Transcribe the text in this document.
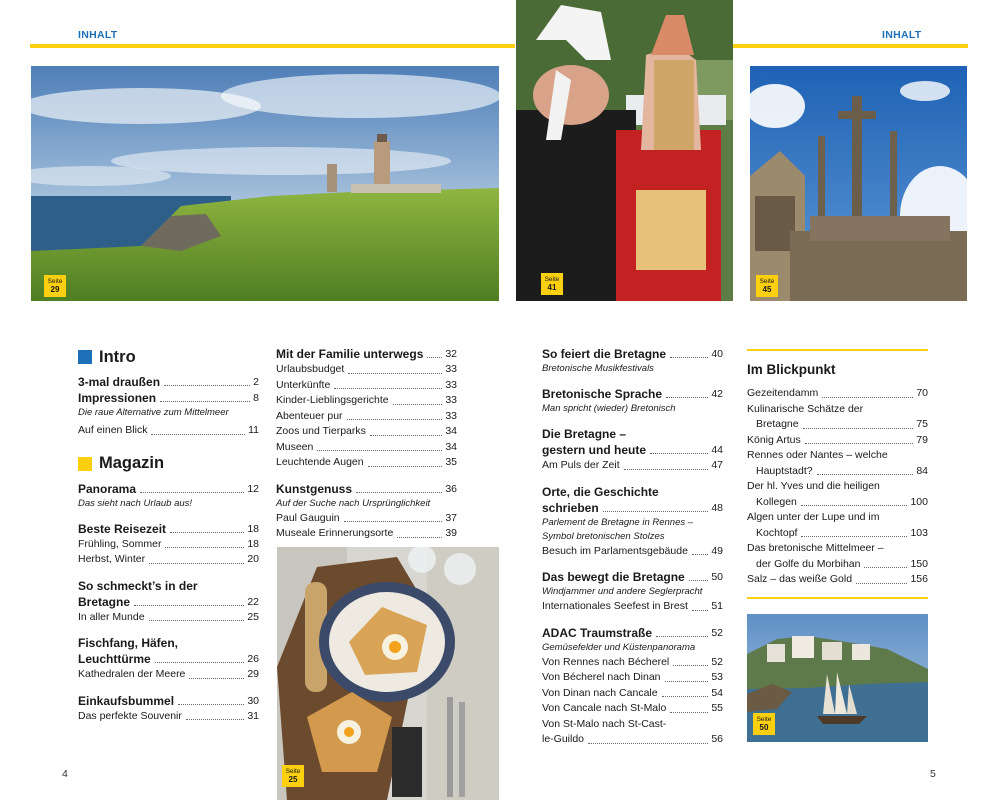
INHALT	INHALT
Seite
29
Seite
41
Seite
45
Intro
3-mal draußen	2
Impressionen	8
Die raue Alternative zum Mittelmeer
Auf einen Blick	11
Magazin
Panorama	12
Das sieht nach Urlaub aus!
Beste Reisezeit	18
Frühling, Sommer	18
Herbst, Winter	20
So schmeckt’s in der
Bretagne	22
In aller Munde	25
Fischfang, Häfen,
Leuchttürme	26
Kathedralen der Meere	29
Einkaufsbummel	30
Das perfekte Souvenir	31
Mit der Familie unterwegs 32
Urlaubsbudget	33
Unterkünfte	33
Kinder-Lieblingsgerichte	33
Abenteuer pur	33
Zoos und Tierparks	34
Museen	34
Leuchtende Augen	35
Kunstgenuss	36
Auf der Suche nach Ursprünglichkeit
Paul Gauguin	37
Museale Erinnerungsorte	39
Seite
25
So feiert die Bretagne	40
Bretonische Musikfestivals
Bretonische Sprache	42
Man spricht (wieder) Bretonisch
Die Bretagne –
gestern und heute	44
Am Puls der Zeit	47
Orte, die Geschichte
schrieben	48
Parlement de Bretagne in Rennes –
Symbol bretonischen Stolzes
Besuch im Parlamentsgebäude 49
Das bewegt die Bretagne	50
Windjammer und andere Seglerpracht
Internationales Seefest in Brest 51
ADAC Traumstraße	52
Gemüsefelder und Küstenpanorama
Von Rennes nach Bécherel	52
Von Bécherel nach Dinan	53
Von Dinan nach Cancale	54
Von Cancale nach St-Malo	55
Von St-Malo nach St-Cast-
le-Guildo	56
Im Blickpunkt
Gezeitendamm	70
Kulinarische Schätze der
Bretagne	75
König Artus	79
Rennes oder Nantes – welche
Hauptstadt?	84
Der hl. Yves und die heiligen
Kollegen	100
Algen unter der Lupe und im
Kochtopf	103
Das bretonische Mittelmeer –
der Golfe du Morbihan	150
Salz – das weiße Gold	156
Seite
50
4	5
